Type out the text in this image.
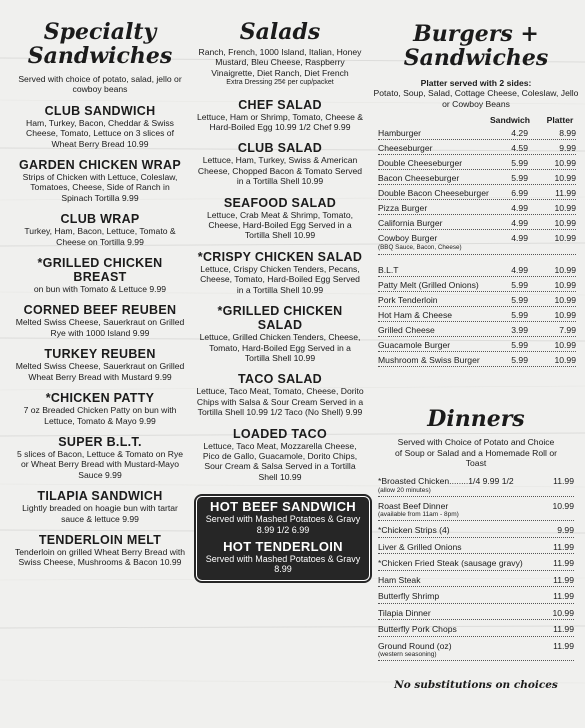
Specialty Sandwiches

Served with choice of potato, salad, jello or cowboy beans

CLUB SANDWICH
Ham, Turkey, Bacon, Cheddar & Swiss Cheese, Tomato, Lettuce on 3 slices of Wheat Berry Bread 10.99
GARDEN CHICKEN WRAP
Strips of Chicken with Lettuce, Coleslaw, Tomatoes, Cheese, Side of Ranch in Spinach Tortilla 9.99
CLUB WRAP
Turkey, Ham, Bacon, Lettuce, Tomato & Cheese on Tortilla 9.99
*GRILLED CHICKEN BREAST
on bun with Tomato & Lettuce 9.99
CORNED BEEF REUBEN
Melted Swiss Cheese, Sauerkraut on Grilled Rye with 1000 Island 9.99
TURKEY REUBEN
Melted Swiss Cheese, Sauerkraut on Grilled Wheat Berry Bread with Mustard 9.99
*CHICKEN PATTY
7 oz Breaded Chicken Patty on bun with Lettuce, Tomato & Mayo 9.99
SUPER B.L.T.
5 slices of Bacon, Lettuce & Tomato on Rye or Wheat Berry Bread with Mustard-Mayo Sauce 9.99
TILAPIA SANDWICH
Lightly breaded on hoagie bun with tartar sauce & lettuce 9.99
TENDERLOIN MELT
Tenderloin on grilled Wheat Berry Bread with Swiss Cheese, Mushrooms & Bacon 10.99
Salads

Ranch, French, 1000 Island, Italian, Honey Mustard, Bleu Cheese, Raspberry Vinaigrette, Diet Ranch, Diet French

Extra Dressing 25¢ per cup/packet

CHEF SALAD
Lettuce, Ham or Shrimp, Tomato, Cheese & Hard-Boiled Egg 10.99 1/2 Chef 9.99
CLUB SALAD
Lettuce, Ham, Turkey, Swiss & American Cheese, Chopped Bacon & Tomato Served in a Tortilla Shell 10.99
SEAFOOD SALAD
Lettuce, Crab Meat & Shrimp, Tomato, Cheese, Hard-Boiled Egg Served in a Tortilla Shell 10.99
*CRISPY CHICKEN SALAD
Lettuce, Crispy Chicken Tenders, Pecans, Cheese, Tomato, Hard-Boiled Egg Served in a Tortilla Shell 10.99
*GRILLED CHICKEN SALAD
Lettuce, Grilled Chicken Tenders, Cheese, Tomato, Hard-Boiled Egg Served in a Tortilla Shell 10.99
TACO SALAD
Lettuce, Taco Meat, Tomato, Cheese, Dorito Chips with Salsa & Sour Cream Served in a Tortilla Shell 10.99 1/2 Taco (No Shell) 9.99
LOADED TACO
Lettuce, Taco Meat, Mozzarella Cheese, Pico de Gallo, Guacamole, Dorito Chips, Sour Cream & Salsa Served in a Tortilla Shell 10.99
HOT BEEF SANDWICH
Served with Mashed Potatoes & Gravy 8.99 1/2 6.99
HOT TENDERLOIN
Served with Mashed Potatoes & Gravy 8.99
Burgers + Sandwiches

Platter served with 2 sides:

Potato, Soup, Salad, Cottage Cheese, Coleslaw, Jello or Cowboy Beans

Sandwich	Platter
Hamburger	4.29	8.99
Cheeseburger	4.59	9.99
Double Cheeseburger	5.99	10.99
Bacon Cheeseburger	5.99	10.99
Double Bacon Cheeseburger	6.99	11.99
Pizza Burger	4.99	10.99
California Burger	4.99	10.99
Cowboy Burger	4.99	10.99
(BBQ Sauce, Bacon, Cheese)
B.L.T	4.99	10.99
Patty Melt (Grilled Onions)	5.99	10.99
Pork Tenderloin	5.99	10.99
Hot Ham & Cheese	5.99	10.99
Grilled Cheese	3.99	7.99
Guacamole Burger	5.99	10.99
Mushroom & Swiss Burger	5.99	10.99
Dinners

Served with Choice of Potato and Choice of Soup or Salad and a Homemade Roll or Toast

*Broasted Chicken........1/4 9.99 1/2	11.99
(allow 20 minutes)
Roast Beef Dinner	10.99
(available from 11am - 8pm)
*Chicken Strips (4)	9.99
Liver & Grilled Onions	11.99
*Chicken Fried Steak (sausage gravy)	11.99
Ham Steak	11.99
Butterfly Shrimp	11.99
Tilapia Dinner	10.99
Butterfly Pork Chops	11.99
Ground Round (oz)	11.99
(western seasoning)
No substitutions on choices
